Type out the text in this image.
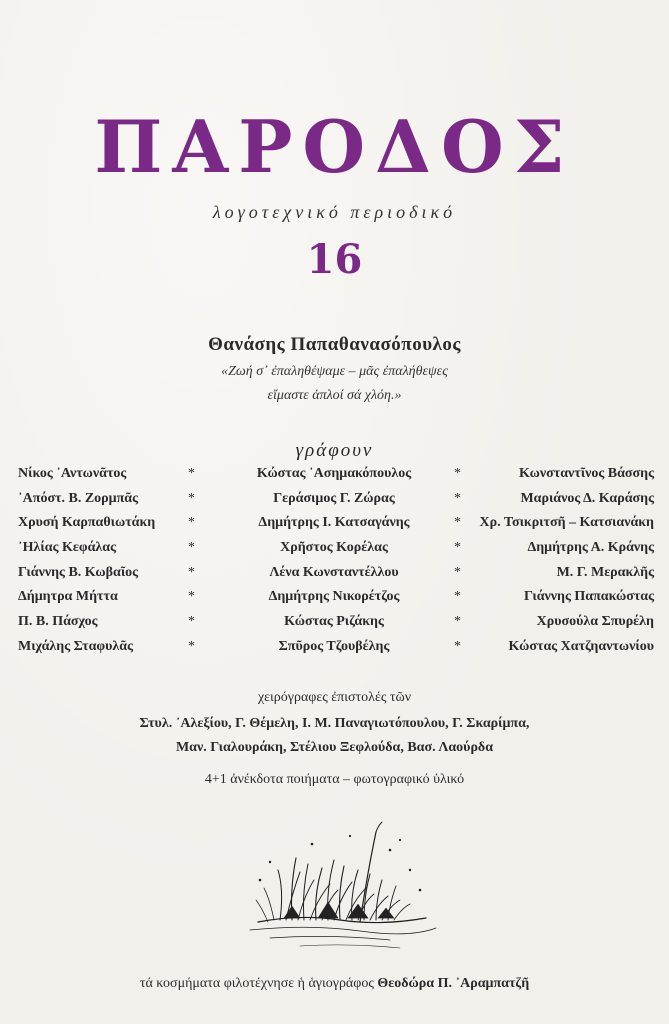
ΠΑΡΟΔΟΣ
λογοτεχνικό περιοδικό
16
Θανάσης Παπαθανασόπουλος
«Ζωή σ᾽ ἐπαληθέψαμε – μᾶς ἐπαλήθεψες
εἴμαστε ἁπλοί σά χλόη.»
γράφουν
Νίκος ᾽Αντωνᾶτος	*	Κώστας ᾽Ασημακόπουλος	*	Κωνσταντῖνος Βάσσης
᾽Απόστ. Β. Ζορμπᾶς	*	Γεράσιμος Γ. Ζώρας	*	Μαριάνος Δ. Καράσης
Χρυσή Καρπαθιωτάκη *	Δημήτρης Ι. Κατσαγάνης	* Χρ. Τσικριτσῆ – Κατσιανάκη
᾽Ηλίας Κεφάλας	*	Χρῆστος Κορέλας	*	Δημήτρης Α. Κράνης
Γιάννης Β. Κωβαῖος	*	Λένα Κωνσταντέλλου	*	Μ. Γ. Μερακλῆς
Δήμητρα Μήττα	*	Δημήτρης Νικορέτζος	*	Γιάννης Παπακώστας
Π. Β. Πάσχος	*	Κώστας Ριζάκης	*	Χρυσούλα Σπυρέλη
Μιχάλης Σταφυλᾶς	*	Σπῦρος Τζουβέλης	*	Κώστας Χατζηαντωνίου
χειρόγραφες ἐπιστολές τῶν
Στυλ. ᾽Αλεξίου, Γ. Θέμελη, Ι. Μ. Παναγιωτόπουλου, Γ. Σκαρίμπα,
Μαν. Γιαλουράκη, Στέλιου Ξεφλούδα, Βασ. Λαούρδα
4+1 ἀνέκδοτα ποιήματα – φωτογραφικό ὑλικό
τά κοσμήματα φιλοτέχνησε ἡ ἁγιογράφος Θεοδώρα Π. ᾽Αραμπατζῆ
